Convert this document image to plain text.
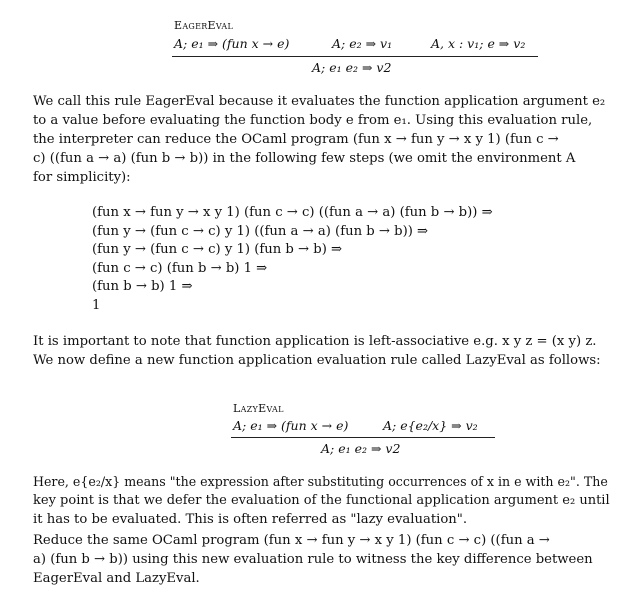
EagerEval
A; e₁ ⇒ (fun x → e)	A; e₂ ⇒ v₁	A, x : v₁; e ⇒ v₂
A; e₁ e₂ ⇒ v2
We call this rule EagerEval because it evaluates the function application argument e₂
to a value before evaluating the function body e from e₁. Using this evaluation rule,
the interpreter can reduce the OCaml program (fun x → fun y → x y 1) (fun c →
c) ((fun a → a) (fun b → b)) in the following few steps (we omit the environment A
for simplicity):
(fun x → fun y → x y 1) (fun c → c) ((fun a → a) (fun b → b)) ⇒
(fun y → (fun c → c) y 1) ((fun a → a) (fun b → b)) ⇒
(fun y → (fun c → c) y 1) (fun b → b) ⇒
(fun c → c) (fun b → b) 1 ⇒
(fun b → b) 1 ⇒
1
It is important to note that function application is left-associative e.g. x y z = (x y) z.
We now define a new function application evaluation rule called LazyEval as follows:
LazyEval
A; e₁ ⇒ (fun x → e)	A; e{e₂/x} ⇒ v₂
A; e₁ e₂ ⇒ v2
Here, e{e₂/x} means "the expression after substituting occurrences of x in e with e₂". The
key point is that we defer the evaluation of the functional application argument e₂ until
it has to be evaluated. This is often referred as "lazy evaluation".
Reduce the same OCaml program (fun x → fun y → x y 1) (fun c → c) ((fun a →
a) (fun b → b)) using this new evaluation rule to witness the key difference between
EagerEval and LazyEval.
